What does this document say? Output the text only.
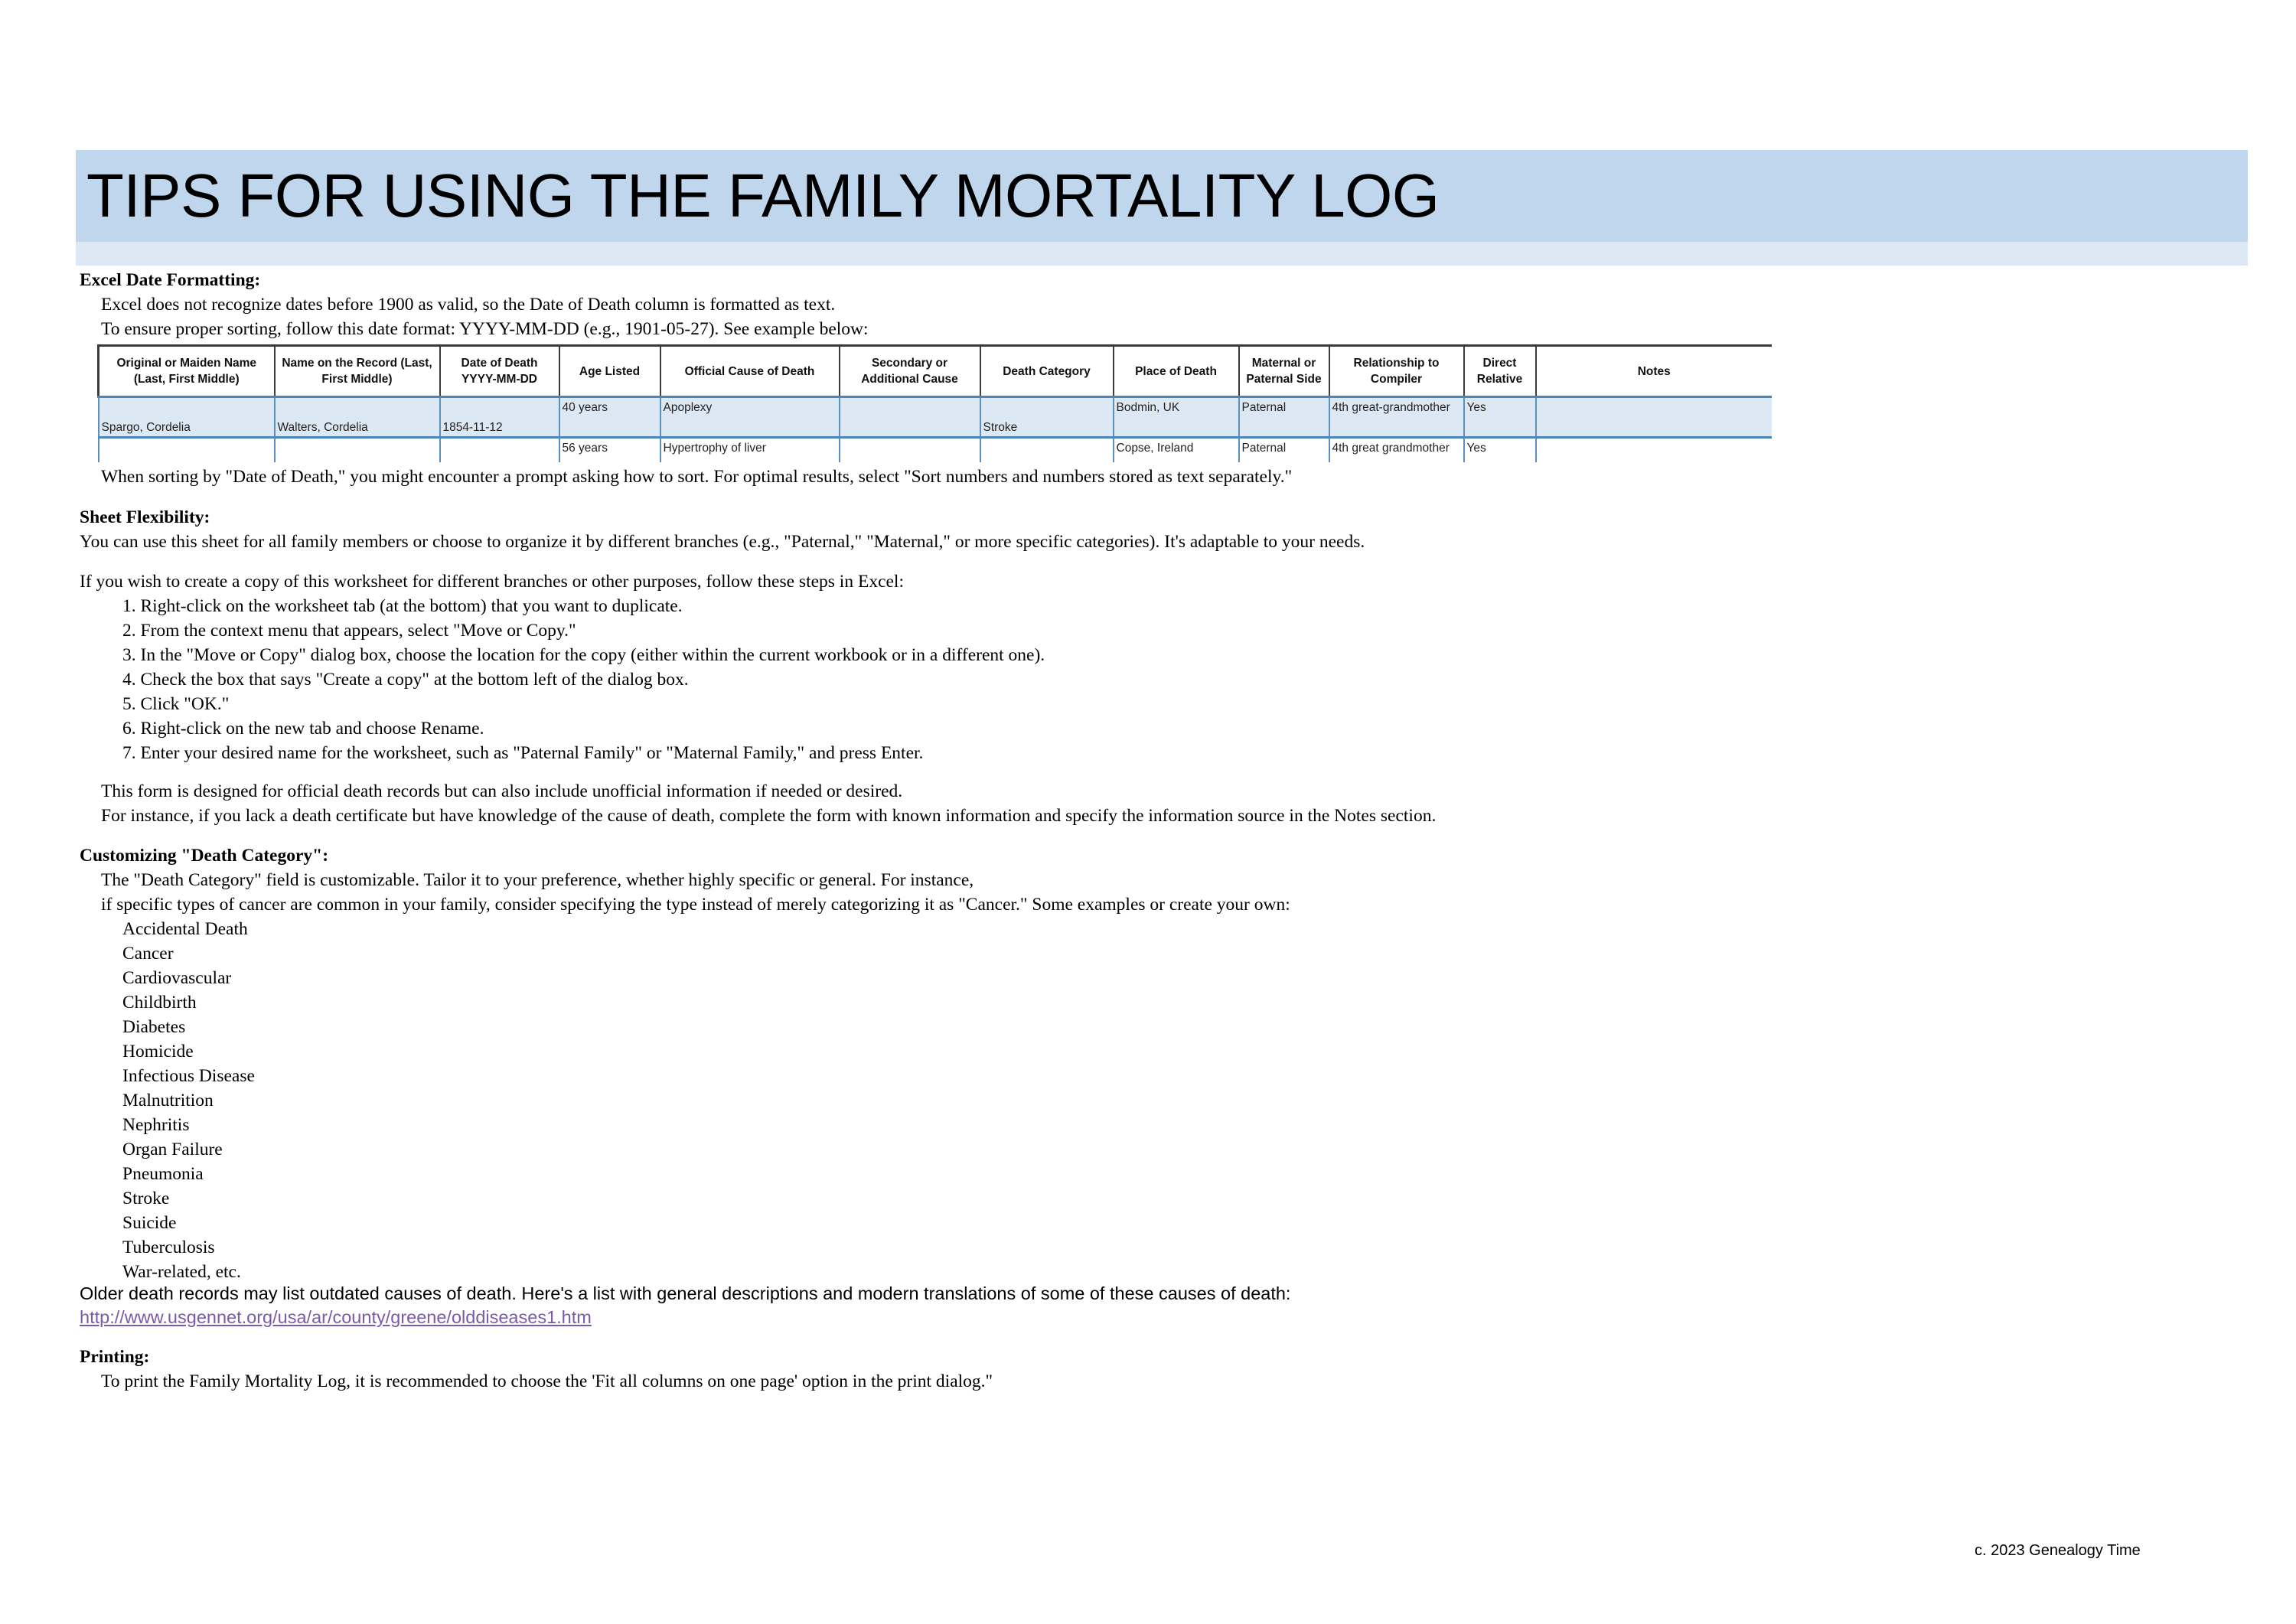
TIPS FOR USING THE FAMILY MORTALITY LOG
Excel Date Formatting:
Excel does not recognize dates before 1900 as valid, so the Date of Death column is formatted as text.
To ensure proper sorting, follow this date format: YYYY-MM-DD (e.g., 1901-05-27). See example below:
Original or Maiden Name (Last, First Middle)	Name on the Record (Last, First Middle)	Date of Death YYYY-MM-DD	Age Listed	Official Cause of Death	Secondary or Additional Cause	Death Category	Place of Death	Maternal or Paternal Side	Relationship to Compiler	Direct Relative	Notes
Spargo, Cordelia	Walters, Cordelia	1854-11-12	40 years	Apoplexy		Stroke	Bodmin, UK	Paternal	4th great-grandmother	Yes	
			56 years	Hypertrophy of liver			Copse, Ireland	Paternal	4th great grandmother	Yes	
When sorting by "Date of Death," you might encounter a prompt asking how to sort. For optimal results, select "Sort numbers and numbers stored as text separately."
Sheet Flexibility:
You can use this sheet for all family members or choose to organize it by different branches (e.g., "Paternal," "Maternal," or more specific categories). It's adaptable to your needs.
If you wish to create a copy of this worksheet for different branches or other purposes, follow these steps in Excel:
1. Right-click on the worksheet tab (at the bottom) that you want to duplicate.
2. From the context menu that appears, select "Move or Copy."
3. In the "Move or Copy" dialog box, choose the location for the copy (either within the current workbook or in a different one).
4. Check the box that says "Create a copy" at the bottom left of the dialog box.
5. Click "OK."
6. Right-click on the new tab and choose Rename.
7. Enter your desired name for the worksheet, such as "Paternal Family" or "Maternal Family," and press Enter.
This form is designed for official death records but can also include unofficial information if needed or desired.
For instance, if you lack a death certificate but have knowledge of the cause of death, complete the form with known information and specify the information source in the Notes section.
Customizing "Death Category":
The "Death Category" field is customizable. Tailor it to your preference, whether highly specific or general. For instance,
if specific types of cancer are common in your family, consider specifying the type instead of merely categorizing it as "Cancer." Some examples or create your own:
Accidental Death
Cancer
Cardiovascular
Childbirth
Diabetes
Homicide
Infectious Disease
Malnutrition
Nephritis
Organ Failure
Pneumonia
Stroke
Suicide
Tuberculosis
War-related, etc.
Older death records may list outdated causes of death. Here's a list with general descriptions and modern translations of some of these causes of death:
http://www.usgennet.org/usa/ar/county/greene/olddiseases1.htm
Printing:
To print the Family Mortality Log, it is recommended to choose the 'Fit all columns on one page' option in the print dialog."
c. 2023 Genealogy Time
